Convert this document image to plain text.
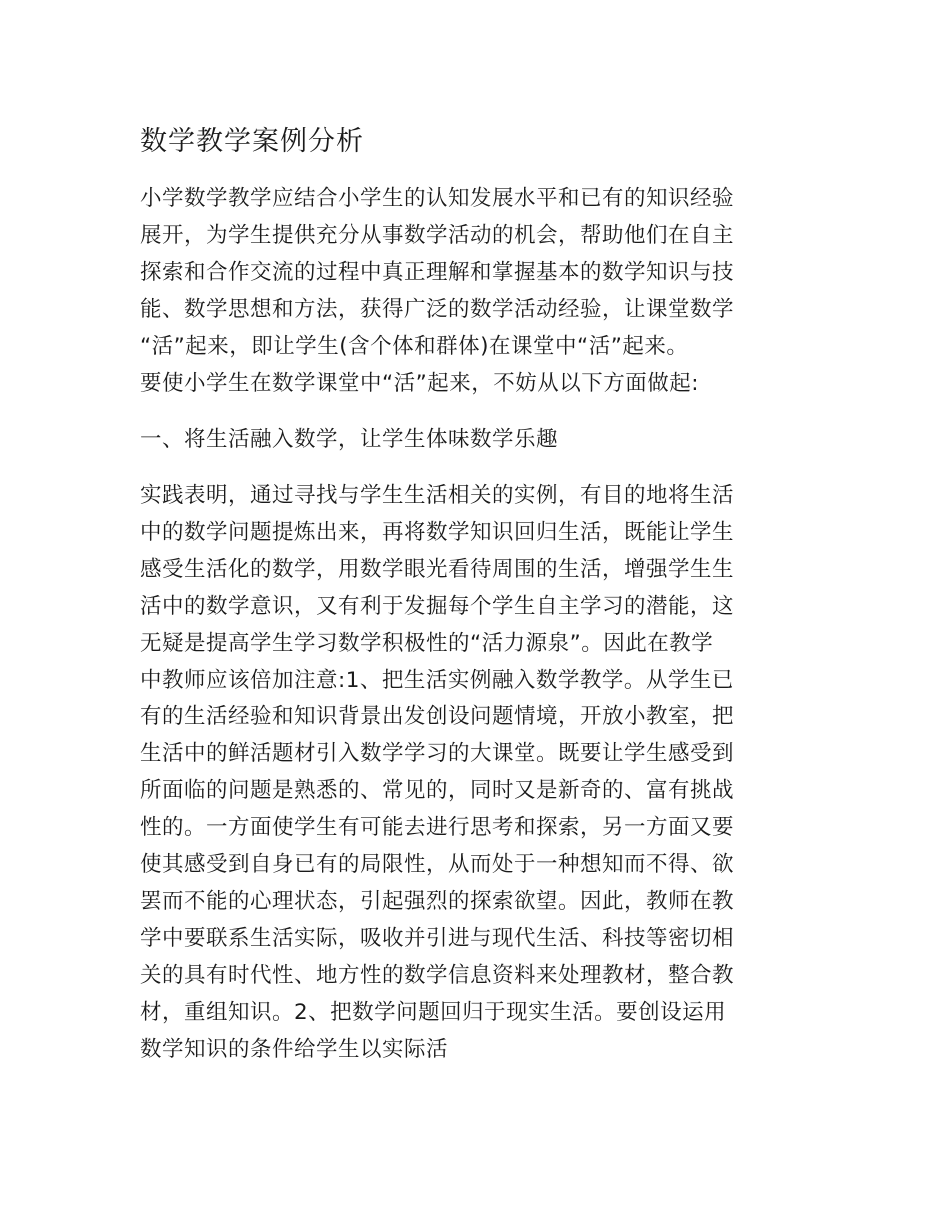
数学教学案例分析

小学数学教学应结合小学生的认知发展水平和已有的知识经验
展开，为学生提供充分从事数学活动的机会，帮助他们在自主
探索和合作交流的过程中真正理解和掌握基本的数学知识与技
能、数学思想和方法，获得广泛的数学活动经验，让课堂数学
“活”起来，即让学生(含个体和群体)在课堂中“活”起来。
要使小学生在数学课堂中“活”起来，不妨从以下方面做起:

一、将生活融入数学，让学生体味数学乐趣

实践表明，通过寻找与学生生活相关的实例，有目的地将生活
中的数学问题提炼出来，再将数学知识回归生活，既能让学生
感受生活化的数学，用数学眼光看待周围的生活，增强学生生
活中的数学意识，又有利于发掘每个学生自主学习的潜能，这
无疑是提高学生学习数学积极性的“活力源泉”。因此在教学
中教师应该倍加注意:1、把生活实例融入数学教学。从学生已
有的生活经验和知识背景出发创设问题情境，开放小教室，把
生活中的鲜活题材引入数学学习的大课堂。既要让学生感受到
所面临的问题是熟悉的、常见的，同时又是新奇的、富有挑战
性的。一方面使学生有可能去进行思考和探索，另一方面又要
使其感受到自身已有的局限性，从而处于一种想知而不得、欲
罢而不能的心理状态，引起强烈的探索欲望。因此，教师在教
学中要联系生活实际，吸收并引进与现代生活、科技等密切相
关的具有时代性、地方性的数学信息资料来处理教材，整合教
材，重组知识。2、把数学问题回归于现实生活。要创设运用
数学知识的条件给学生以实际活
